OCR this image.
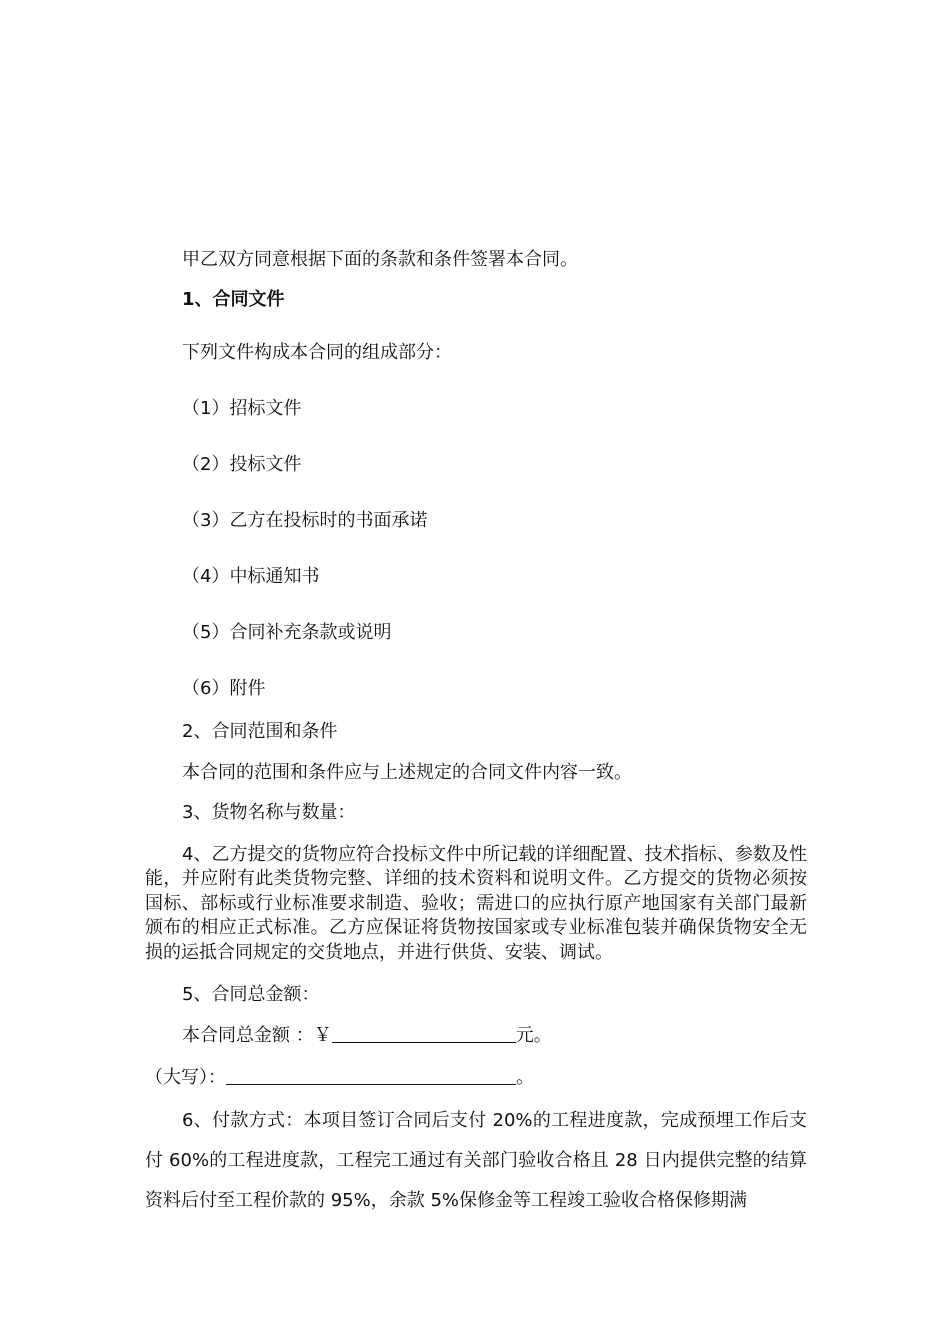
甲乙双方同意根据下面的条款和条件签署本合同。
1、合同文件
下列文件构成本合同的组成部分：
（1）招标文件
（2）投标文件
（3）乙方在投标时的书面承诺
（4）中标通知书
（5）合同补充条款或说明
（6）附件
2、合同范围和条件
本合同的范围和条件应与上述规定的合同文件内容一致。
3、货物名称与数量：
4、乙方提交的货物应符合投标文件中所记载的详细配置、技术指标、参数及性能，并应附有此类货物完整、详细的技术资料和说明文件。乙方提交的货物必须按国标、部标或行业标准要求制造、验收；需进口的应执行原产地国家有关部门最新颁布的相应正式标准。乙方应保证将货物按国家或专业标准包装并确保货物安全无损的运抵合同规定的交货地点，并进行供货、安装、调试。
5、合同总金额：
本合同总金额 ：￥	元。
（大写）：	。
6、付款方式：本项目签订合同后支付 20%的工程进度款，完成预埋工作后支付 60%的工程进度款，工程完工通过有关部门验收合格且 28 日内提供完整的结算资料后付至工程价款的 95%，余款 5%保修金等工程竣工验收合格保修期满
